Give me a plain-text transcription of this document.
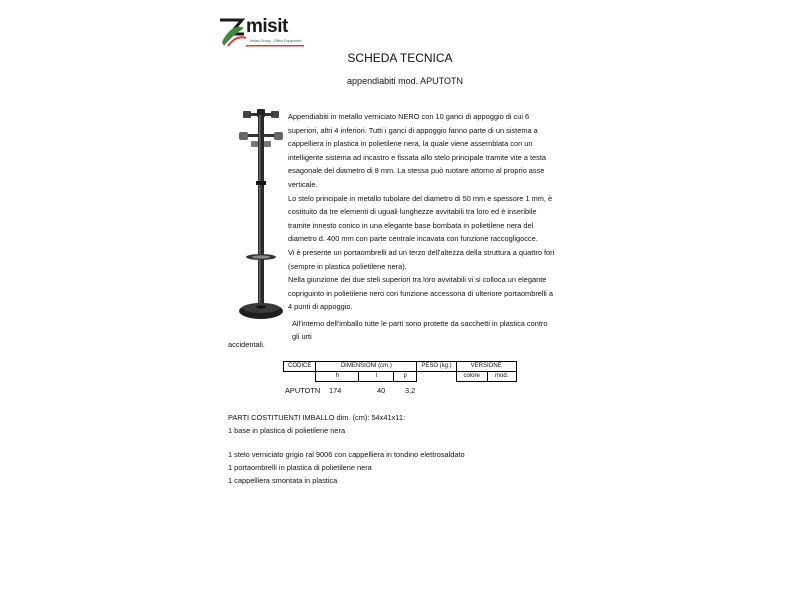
misit
Italian Group - Office Equipment
SCHEDA TECNICA
appendiabiti mod. APUTOTN

Appendiabiti in metallo verniciato NERO con 10 ganci di appoggio di cui 6 superiori, altri 4 inferiori. Tutti i ganci di appoggio fanno parte di un sistema a cappelliera in plastica in polietilene nera, la quale viene assemblata con un intelligente sistema ad incastro e fissata allo stelo principale tramite vite a testa esagonale del diametro di 8 mm. La stessa può ruotare attorno al proprio asse verticale.

Lo stelo principale in metallo tubolare del diametro di 50 mm e spessore 1 mm, è costituito da tre elementi di uguali lunghezze avvitabili tra loro ed è inseribile tramite innesto conico in una elegante base bombata in polietilene nera del diametro d. 400 mm con parte centrale incavata con funzione raccogligocce.

Vi è presente un portaombrelli ad un terzo dell'altezza della struttura a quattro fori (sempre in plastica polietilene nera).

Nella giunzione dei due steli superiori tra loro avvitabili vi si colloca un elegante copriguinto in polietilene nero con funzione accessoria di ulteriore portaombrelli a 4 punti di appoggio.

All'interno dell'imballo tutte le parti sono protette da sacchetti in plastica contro gli urti
accidentali.
CODICE	DIMENSIONI (cm.)			PESO (kg.)	VERSIONE	
	h	l	p		colore	mod.
APUTOTN 174	40	3,2
PARTI COSTITUENTI IMBALLO dim. (cm): 54x41x11:
1 base in plastica di polietilene nera
1 stelo verniciato grigio ral 9006 con cappelliera in tondino elettrosaldato
1 portaombrelli in plastica di polietilene nera
1 cappelliera smontata in plastica
